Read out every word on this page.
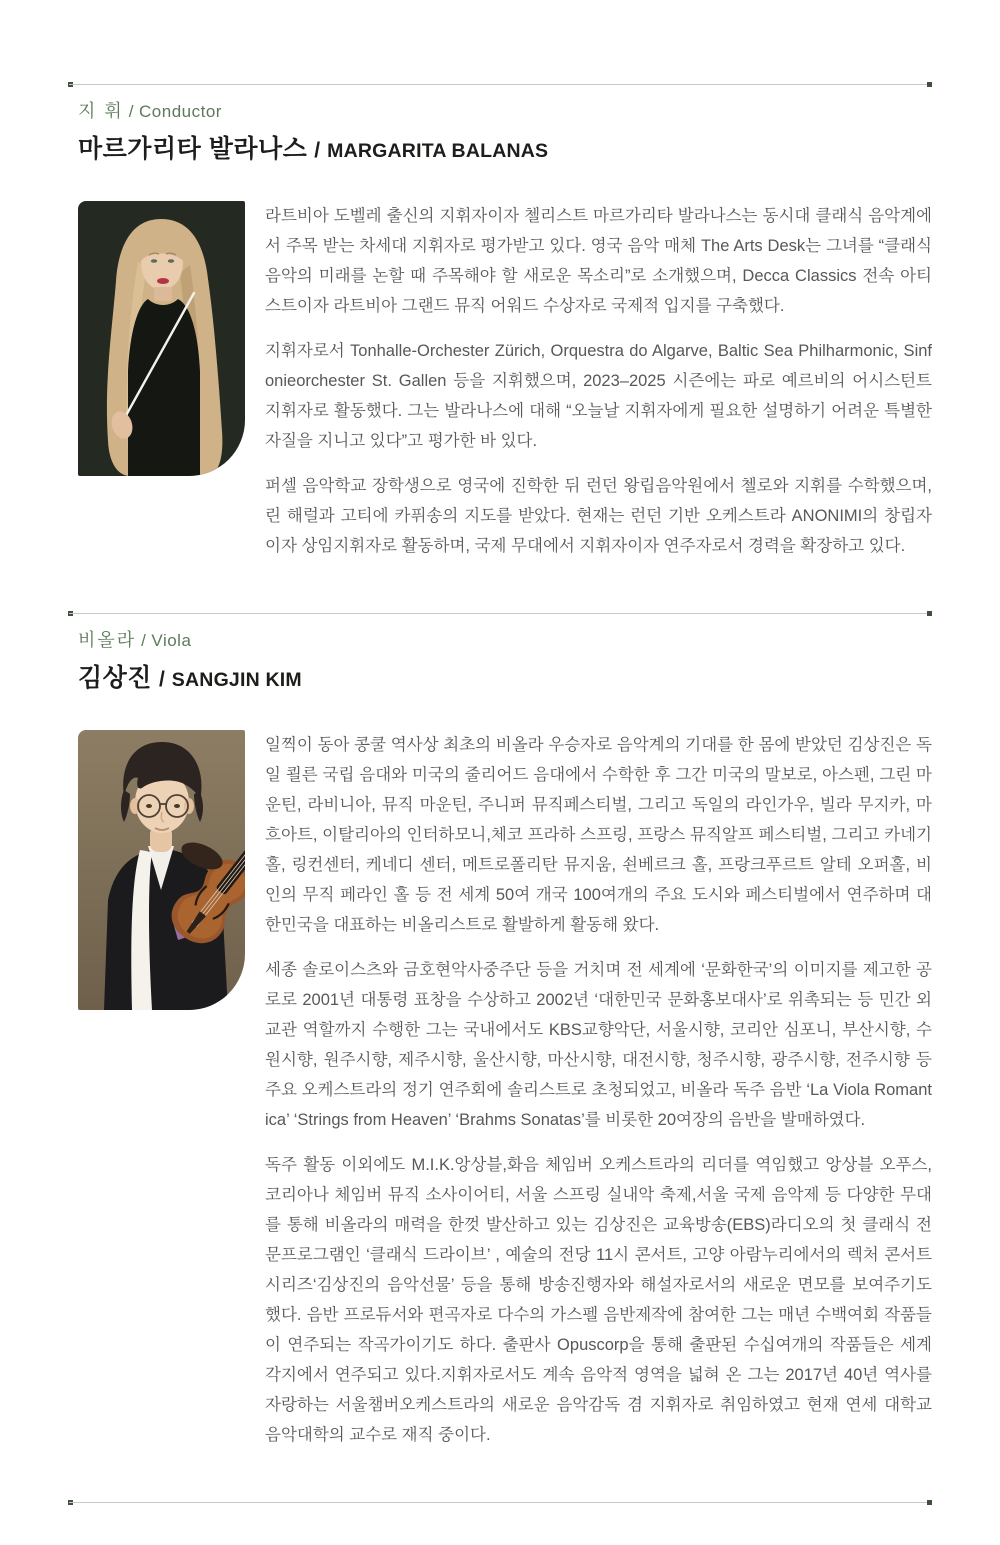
지 휘 / Conductor
마르가리타 발라나스 / MARGARITA BALANAS

라트비아 도벨레 출신의 지휘자이자 첼리스트 마르가리타 발라나스는 동시대 클래식 음악계에서 주목 받는 차세대 지휘자로 평가받고 있다. 영국 음악 매체 The Arts Desk는 그녀를 “클래식 음악의 미래를 논할 때 주목해야 할 새로운 목소리”로 소개했으며, Decca Classics 전속 아티스트이자 라트비아 그랜드 뮤직 어워드 수상자로 국제적 입지를 구축했다.

지휘자로서 Tonhalle-Orchester Zürich, Orquestra do Algarve, Baltic Sea Philharmonic, Sinfonieorchester St. Gallen 등을 지휘했으며, 2023–2025 시즌에는 파로 예르비의 어시스턴트 지휘자로 활동했다. 그는 발라나스에 대해 “오늘날 지휘자에게 필요한 설명하기 어려운 특별한 자질을 지니고 있다”고 평가한 바 있다.

퍼셀 음악학교 장학생으로 영국에 진학한 뒤 런던 왕립음악원에서 첼로와 지휘를 수학했으며, 린 해럴과 고티에 카퓌송의 지도를 받았다. 현재는 런던 기반 오케스트라 ANONIMI의 창립자이자 상임지휘자로 활동하며, 국제 무대에서 지휘자이자 연주자로서 경력을 확장하고 있다.

비올라 / Viola
김상진 / SANGJIN KIM

일찍이 동아 콩쿨 역사상 최초의 비올라 우승자로 음악계의 기대를 한 몸에 받았던 김상진은 독일 쾰른 국립 음대와 미국의 줄리어드 음대에서 수학한 후 그간 미국의 말보로, 아스펜, 그린 마운틴, 라비니아, 뮤직 마운틴, 주니퍼 뮤직페스티벌, 그리고 독일의 라인가우, 빌라 무지카, 마흐아트, 이탈리아의 인터하모니,체코 프라하 스프링, 프랑스 뮤직알프 페스티벌, 그리고 카네기홀, 링컨센터, 케네디 센터, 메트로폴리탄 뮤지움, 쇤베르크 홀, 프랑크푸르트 알테 오퍼홀, 비인의 무직 페라인 홀 등 전 세계 50여 개국 100여개의 주요 도시와 페스티벌에서 연주하며 대한민국을 대표하는 비올리스트로 활발하게 활동해 왔다.

세종 솔로이스츠와 금호현악사중주단 등을 거치며 전 세계에 ‘문화한국’의 이미지를 제고한 공로로 2001년 대통령 표창을 수상하고 2002년 ‘대한민국 문화홍보대사’로 위촉되는 등 민간 외교관 역할까지 수행한 그는 국내에서도 KBS교향악단, 서울시향, 코리안 심포니, 부산시향, 수원시향, 원주시향, 제주시향, 울산시향, 마산시향, 대전시향, 청주시향, 광주시향, 전주시향 등 주요 오케스트라의 정기 연주회에 솔리스트로 초청되었고, 비올라 독주 음반 ‘La Viola Romantica’ ‘Strings from Heaven’ ‘Brahms Sonatas’를 비롯한 20여장의 음반을 발매하였다.

독주 활동 이외에도 M.I.K.앙상블,화음 체임버 오케스트라의 리더를 역임했고 앙상블 오푸스,코리아나 체임버 뮤직 소사이어티, 서울 스프링 실내악 축제,서울 국제 음악제 등 다양한 무대를 통해 비올라의 매력을 한껏 발산하고 있는 김상진은 교육방송(EBS)라디오의 첫 클래식 전문프로그램인 ‘클래식 드라이브’ , 예술의 전당 11시 콘서트, 고양 아람누리에서의 렉처 콘서트 시리즈‘김상진의 음악선물’ 등을 통해 방송진행자와 해설자로서의 새로운 면모를 보여주기도 했다. 음반 프로듀서와 편곡자로 다수의 가스펠 음반제작에 참여한 그는 매년 수백여회 작품들이 연주되는 작곡가이기도 하다. 출판사 Opuscorp을 통해 출판된 수십여개의 작품들은 세계 각지에서 연주되고 있다.지휘자로서도 계속 음악적 영역을 넓혀 온 그는 2017년 40년 역사를 자랑하는 서울챔버오케스트라의 새로운 음악감독 겸 지휘자로 취임하였고 현재 연세 대학교 음악대학의 교수로 재직 중이다.
